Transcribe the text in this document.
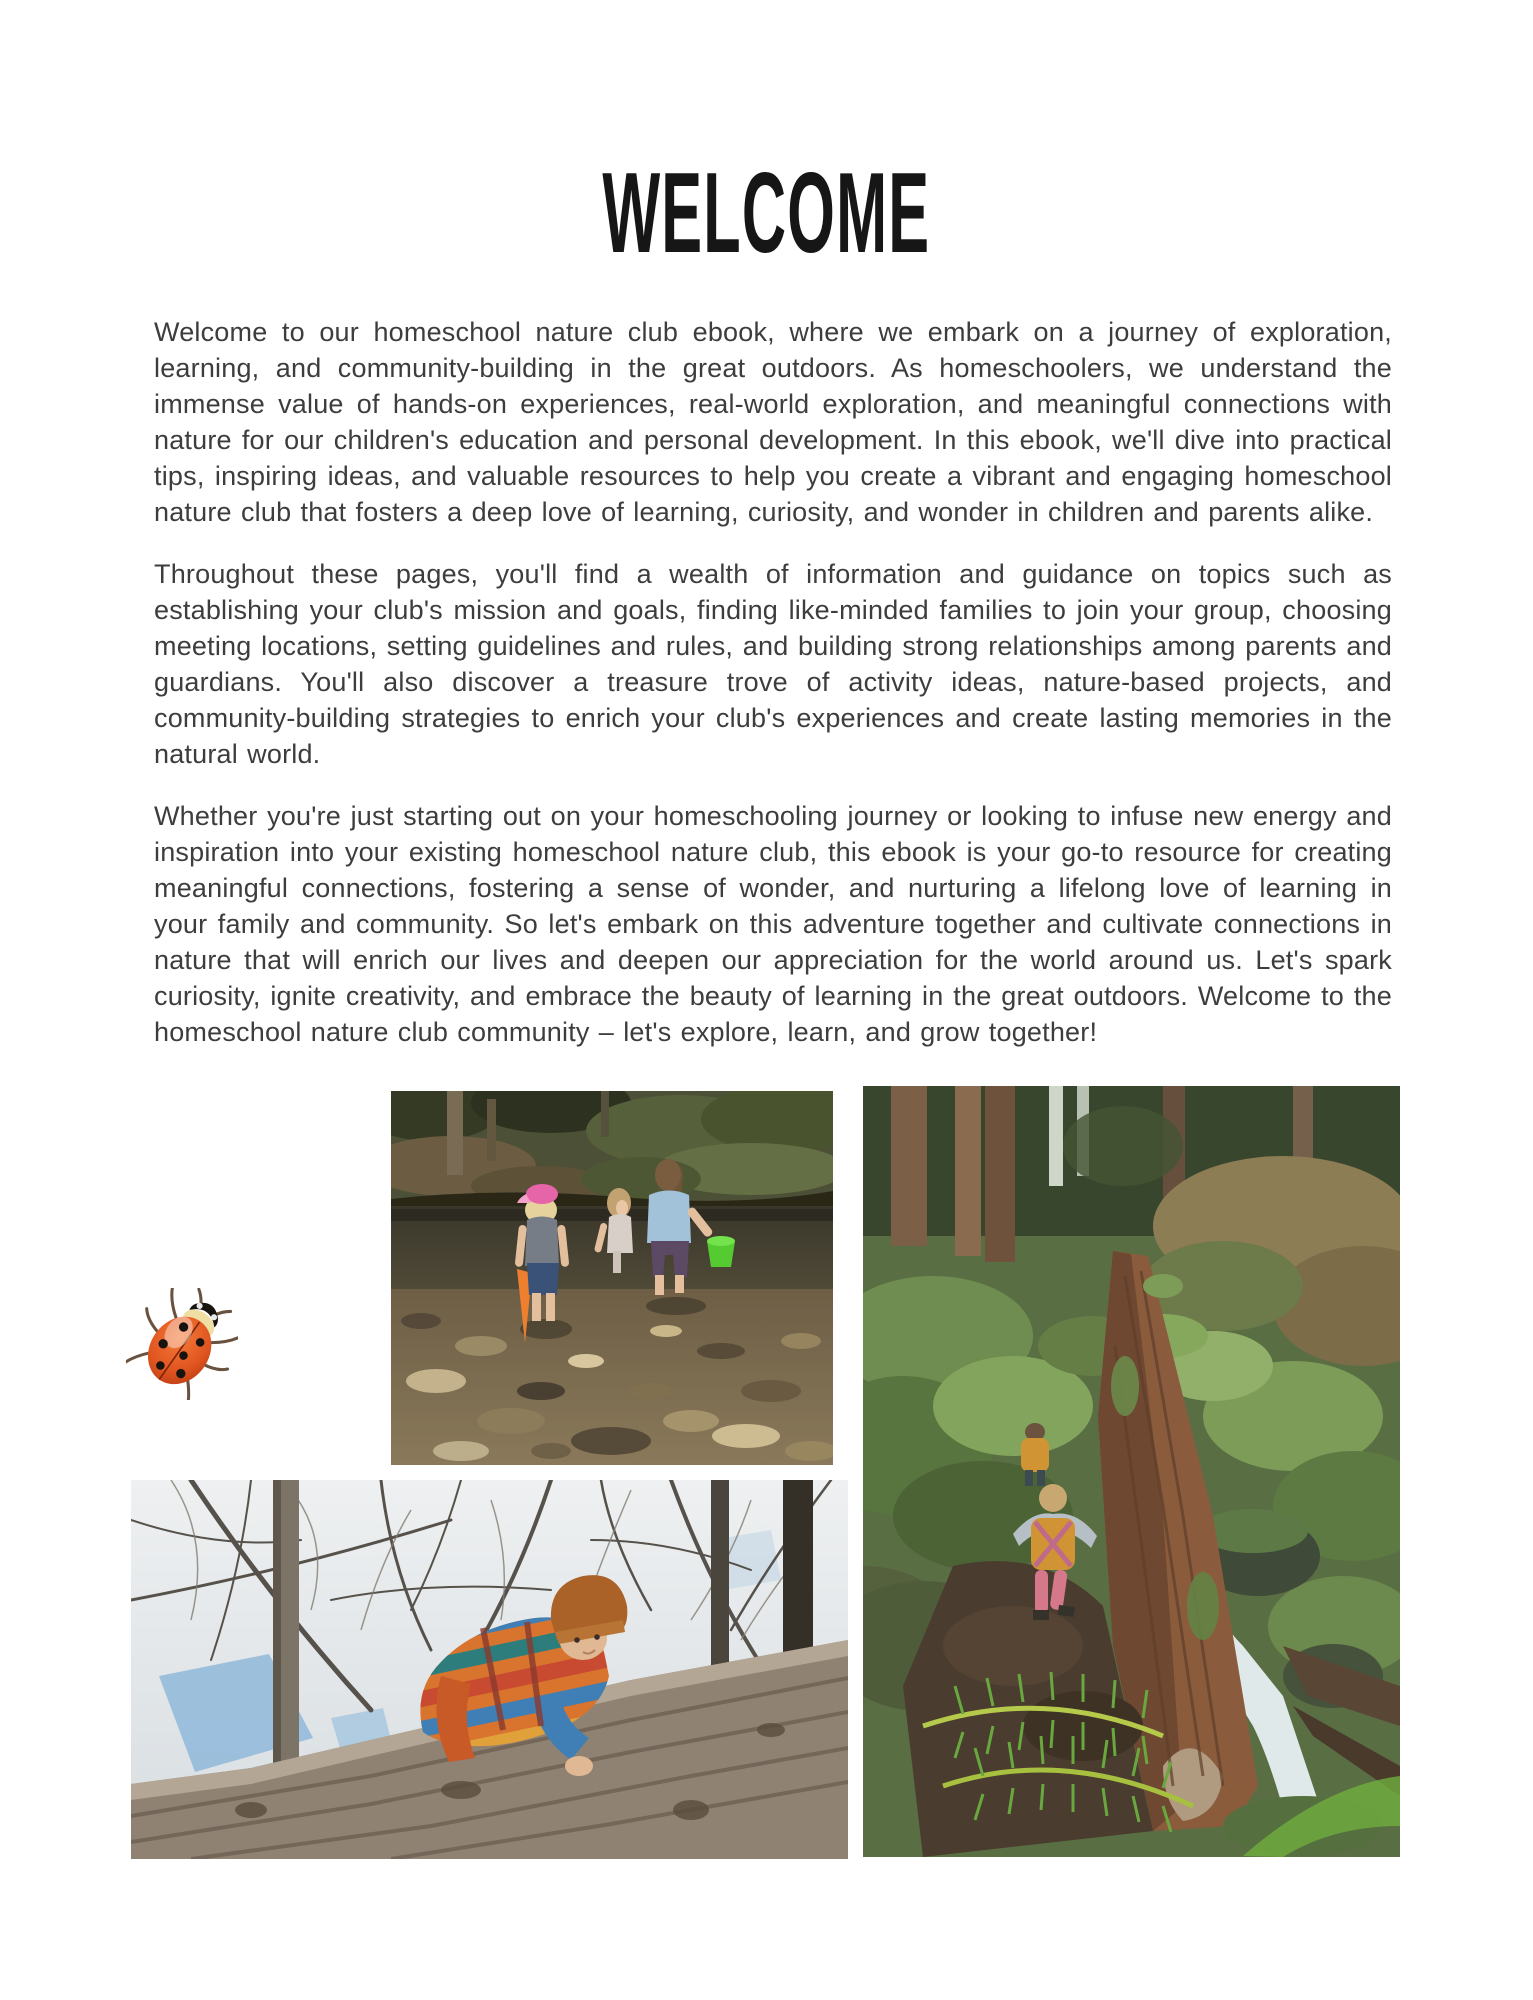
WELCOME

Welcome to our homeschool nature club ebook, where we embark on a journey of exploration, learning, and community-building in the great outdoors. As homeschoolers, we understand the immense value of hands-on experiences, real-world exploration, and meaningful connections with nature for our children's education and personal development. In this ebook, we'll dive into practical tips, inspiring ideas, and valuable resources to help you create a vibrant and engaging homeschool nature club that fosters a deep love of learning, curiosity, and wonder in children and parents alike.

Throughout these pages, you'll find a wealth of information and guidance on topics such as establishing your club's mission and goals, finding like-minded families to join your group, choosing meeting locations, setting guidelines and rules, and building strong relationships among parents and guardians. You'll also discover a treasure trove of activity ideas, nature-based projects, and community-building strategies to enrich your club's experiences and create lasting memories in the natural world.

Whether you're just starting out on your homeschooling journey or looking to infuse new energy and inspiration into your existing homeschool nature club, this ebook is your go-to resource for creating meaningful connections, fostering a sense of wonder, and nurturing a lifelong love of learning in your family and community. So let's embark on this adventure together and cultivate connections in nature that will enrich our lives and deepen our appreciation for the world around us. Let's spark curiosity, ignite creativity, and embrace the beauty of learning in the great outdoors. Welcome to the homeschool nature club community – let's explore, learn, and grow together!
